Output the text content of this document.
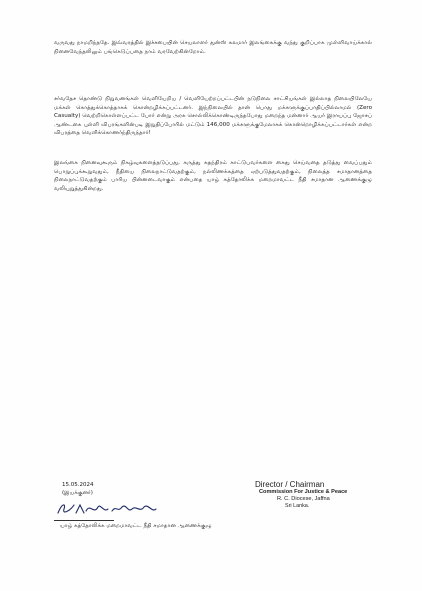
வருவது நாமறிந்ததே. இவ்வரத்தில் இச்சபையின் செயலாளர் துன்ஸ் கலமார் இலங்கைக்கு வந்து குறிப்பாக முள்ளிவாய்க்கால் நினைவேந்தலிலும் பங்கெடுப்பதை நாம் வரவேற்கின்றோம்.

சர்வதேச தொண்டு நிறுவனங்கள் வெளியேறிய / வெளியேற்றப்பட்டபின் நடுநிலை சாட்சியங்கள் இல்லாத நிலையிலேயே மக்கள் கொத்துக்கொத்தாகக் கொன்றழிக்கப்பட்டனர். இந்நிலையில் தான் பொது மக்களுக்குப்பாதிப்பில்லாமல் (Zero Casualty) வெற்றிகொள்ளப்பட்ட போர் என்று அரசு சொல்லிக்கொண்டிருந்தபோது மறைந்த மன்னார் ஆயர் இராயப்பு ஜோசப் ஆண்டகை புள்ளி விபரங்களின்படி இறுதிப்போரில் மட்டும் 146,000 மக்களுக்குமேலாகக் கொன்றொழிக்கப்பட்டார்கள் என்ற விபரத்தை வெளிக்கொணர்ந்திருந்தார்!

இலங்கை நினைவுகூரும் நிகழ்வுகளைத்தடுப்பது, கருத்து சுதந்திரம் காட்டுபவர்களை கைது செய்வதை தடுத்து வைப்பதும் பொறுப்புக்கூறுவதும், நீதியை நிலைநாட்டுவதற்கும், நல்லிணக்கத்தை ஏற்படுத்துவதற்கும், நிலைத்த சமாதானத்தை நிலைநாட்டுவதற்கும் பாரிய பின்னடைவாகும் என்பதை யாழ் கத்தோலிக்க மறைமாவட்ட நீதி சமாதான ஆணைக்குழு வலியுறுத்துகின்றது.

15.05.2024
(இயக்குனர்)
யாழ் கத்தோலிக்க மறைமாவட்ட நீதி சமாதான ஆணைக்குழு

Director / Chairman

Commission For Justice & Peace

R. C. Diocese, Jaffna

Sri Lanka.
